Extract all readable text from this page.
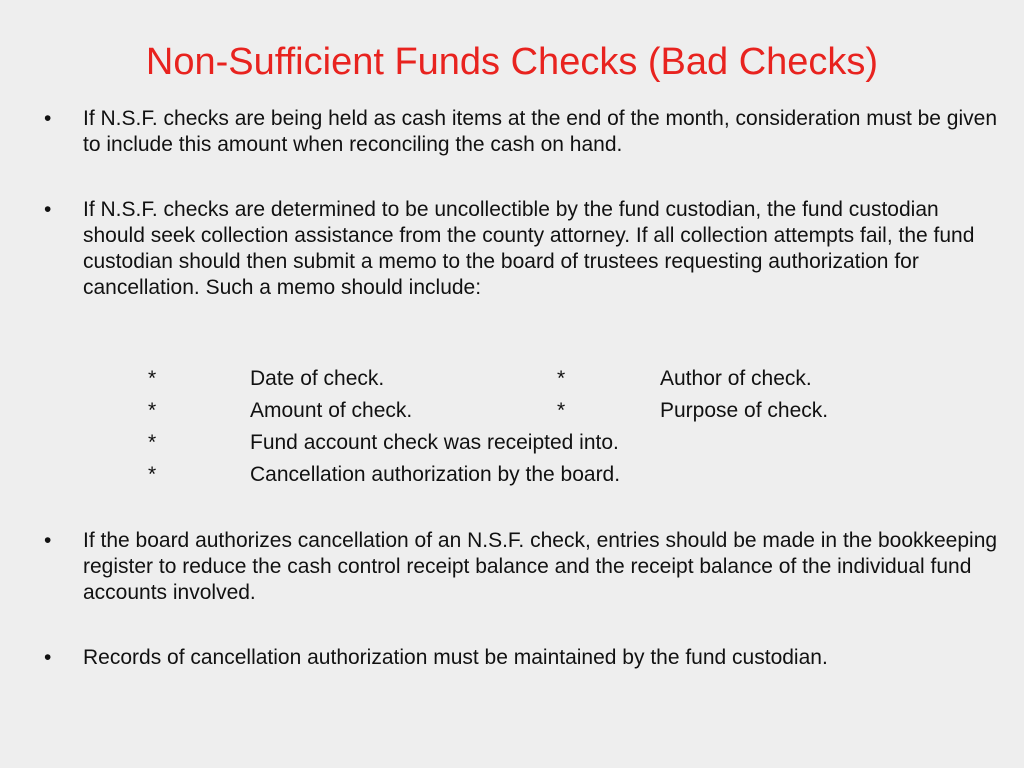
Non-Sufficient Funds Checks (Bad Checks)
•	If N.S.F. checks are being held as cash items at the end of the month, consideration must be given to include this amount when reconciling the cash on hand.
•	If N.S.F. checks are determined to be uncollectible by the fund custodian, the fund custodian should seek collection assistance from the county attorney. If all collection attempts fail, the fund custodian should then submit a memo to the board of trustees requesting authorization for cancellation. Such a memo should include:
*	Date of check.	*	Author of check.
*	Amount of check.	*	Purpose of check.
*	Fund account check was receipted into.
*	Cancellation authorization by the board.
•	If the board authorizes cancellation of an N.S.F. check, entries should be made in the bookkeeping register to reduce the cash control receipt balance and the receipt balance of the individual fund accounts involved.
•	Records of cancellation authorization must be maintained by the fund custodian.
